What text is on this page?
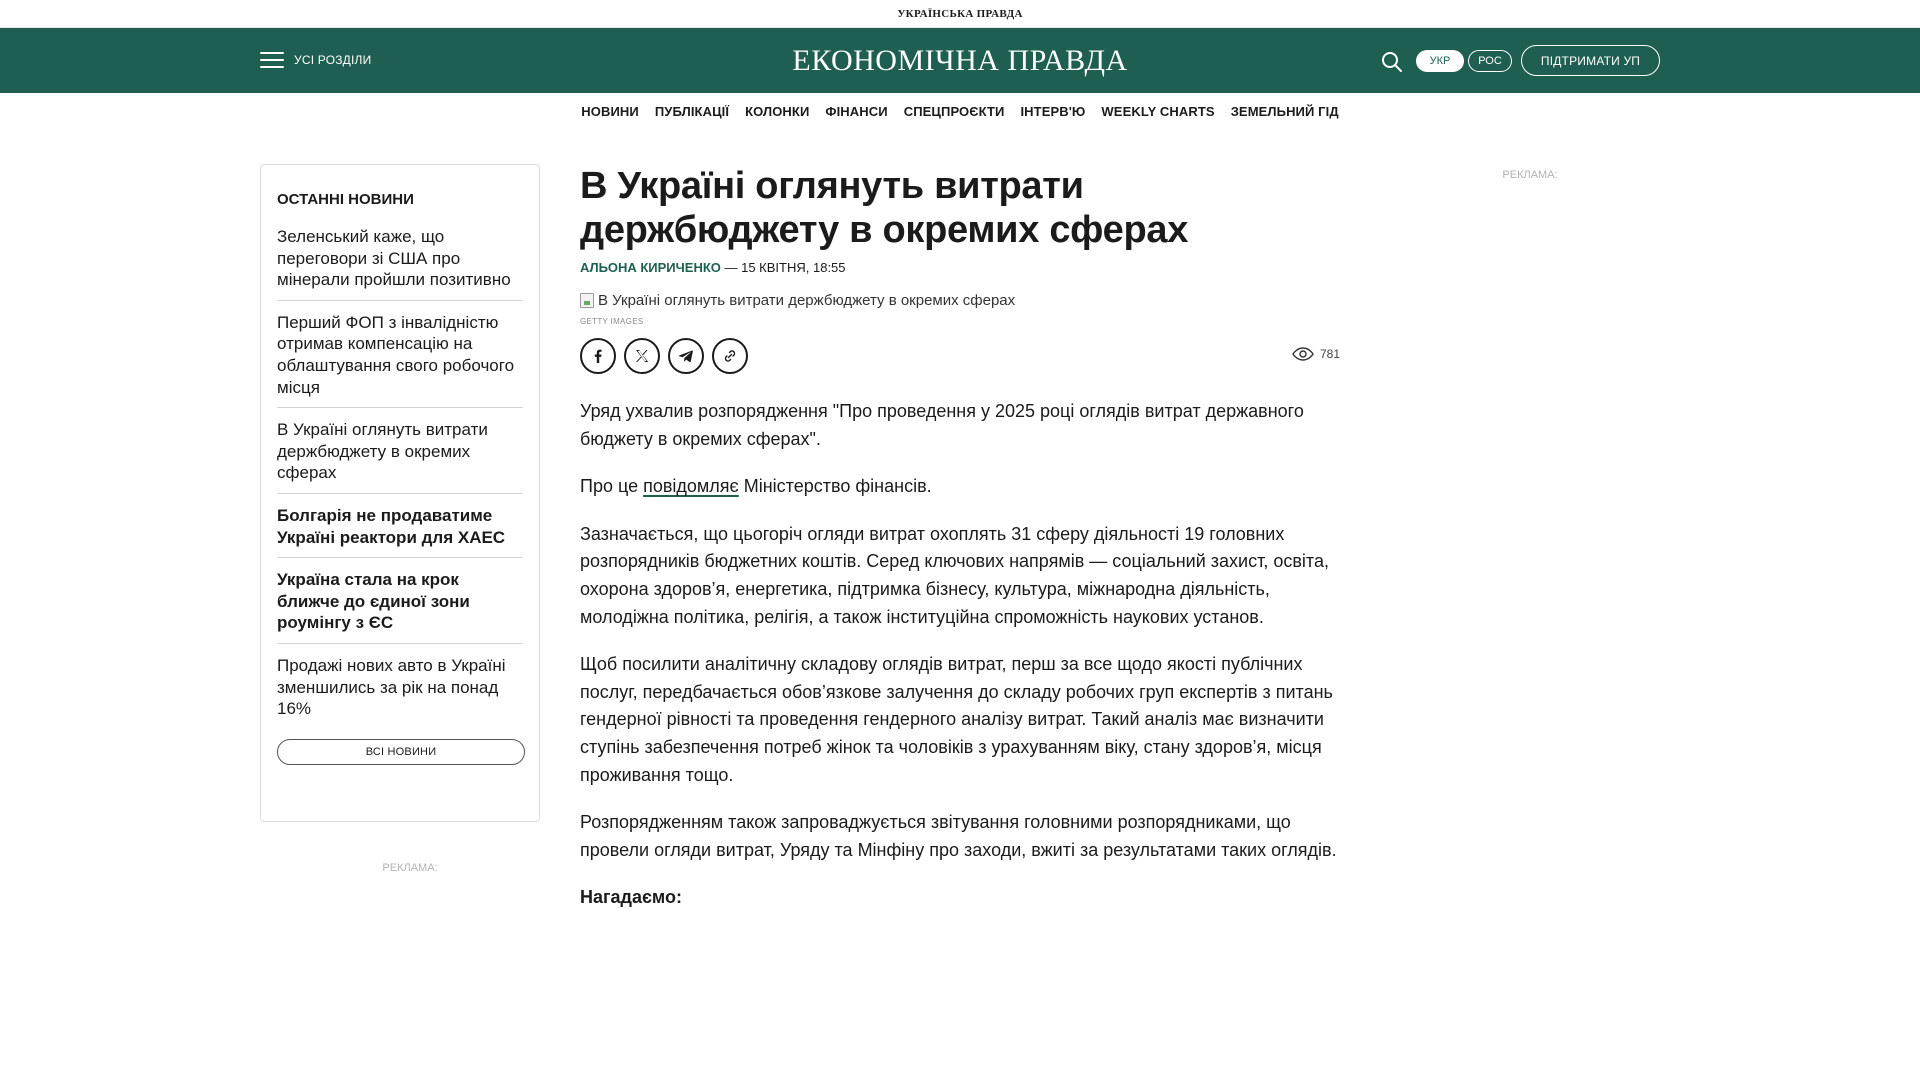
УКРАЇНСЬКА ПРАВДА
УСІ РОЗДІЛИ	ЕКОНОМІЧНА ПРАВДА	УКР	РОС	ПІДТРИМАТИ УП
НОВИНИ ПУБЛІКАЦІЇ КОЛОНКИ ФІНАНСИ СПЕЦПРОЄКТИ ІНТЕРВ'Ю WEEKLY CHARTS ЗЕМЕЛЬНИЙ ГІД
ОСТАННІ НОВИНИ
Зеленський каже, що переговори зі США про мінерали пройшли позитивно
Перший ФОП з інвалідністю отримав компенсацію на облаштування свого робочого місця
В Україні оглянуть витрати держбюджету в окремих сферах
Болгарія не продаватиме Україні реактори для ХАЕС
Україна стала на крок ближче до єдиної зони роумінгу з ЄС
Продажі нових авто в Україні зменшились за рік на понад 16%
ВСІ НОВИНИ
РЕКЛАМА:
РЕКЛАМА:
В Україні оглянуть витрати держбюджету в окремих сферах
АЛЬОНА КИРИЧЕНКО — 15 КВІТНЯ, 18:55
В Україні оглянуть витрати держбюджету в окремих сферах
GETTY IMAGES
781

Уряд ухвалив розпорядження "Про проведення у 2025 році оглядів витрат державного бюджету в окремих сферах".

Про це повідомляє Міністерство фінансів.

Зазначається, що цьогоріч огляди витрат охоплять 31 сферу діяльності 19 головних розпорядників бюджетних коштів. Серед ключових напрямів — соціальний захист, освіта, охорона здоров’я, енергетика, підтримка бізнесу, культура, міжнародна діяльність, молодіжна політика, релігія, а також інституційна спроможність наукових установ.

Щоб посилити аналітичну складову оглядів витрат, перш за все щодо якості публічних послуг, передбачається обов’язкове залучення до складу робочих груп експертів з питань гендерної рівності та проведення гендерного аналізу витрат. Такий аналіз має визначити ступінь забезпечення потреб жінок та чоловіків з урахуванням віку, стану здоров’я, місця проживання тощо.

Розпорядженням також запроваджується звітування головними розпорядниками, що провели огляди витрат, Уряду та Мінфіну про заходи, вжиті за результатами таких оглядів.

Нагадаємо:
